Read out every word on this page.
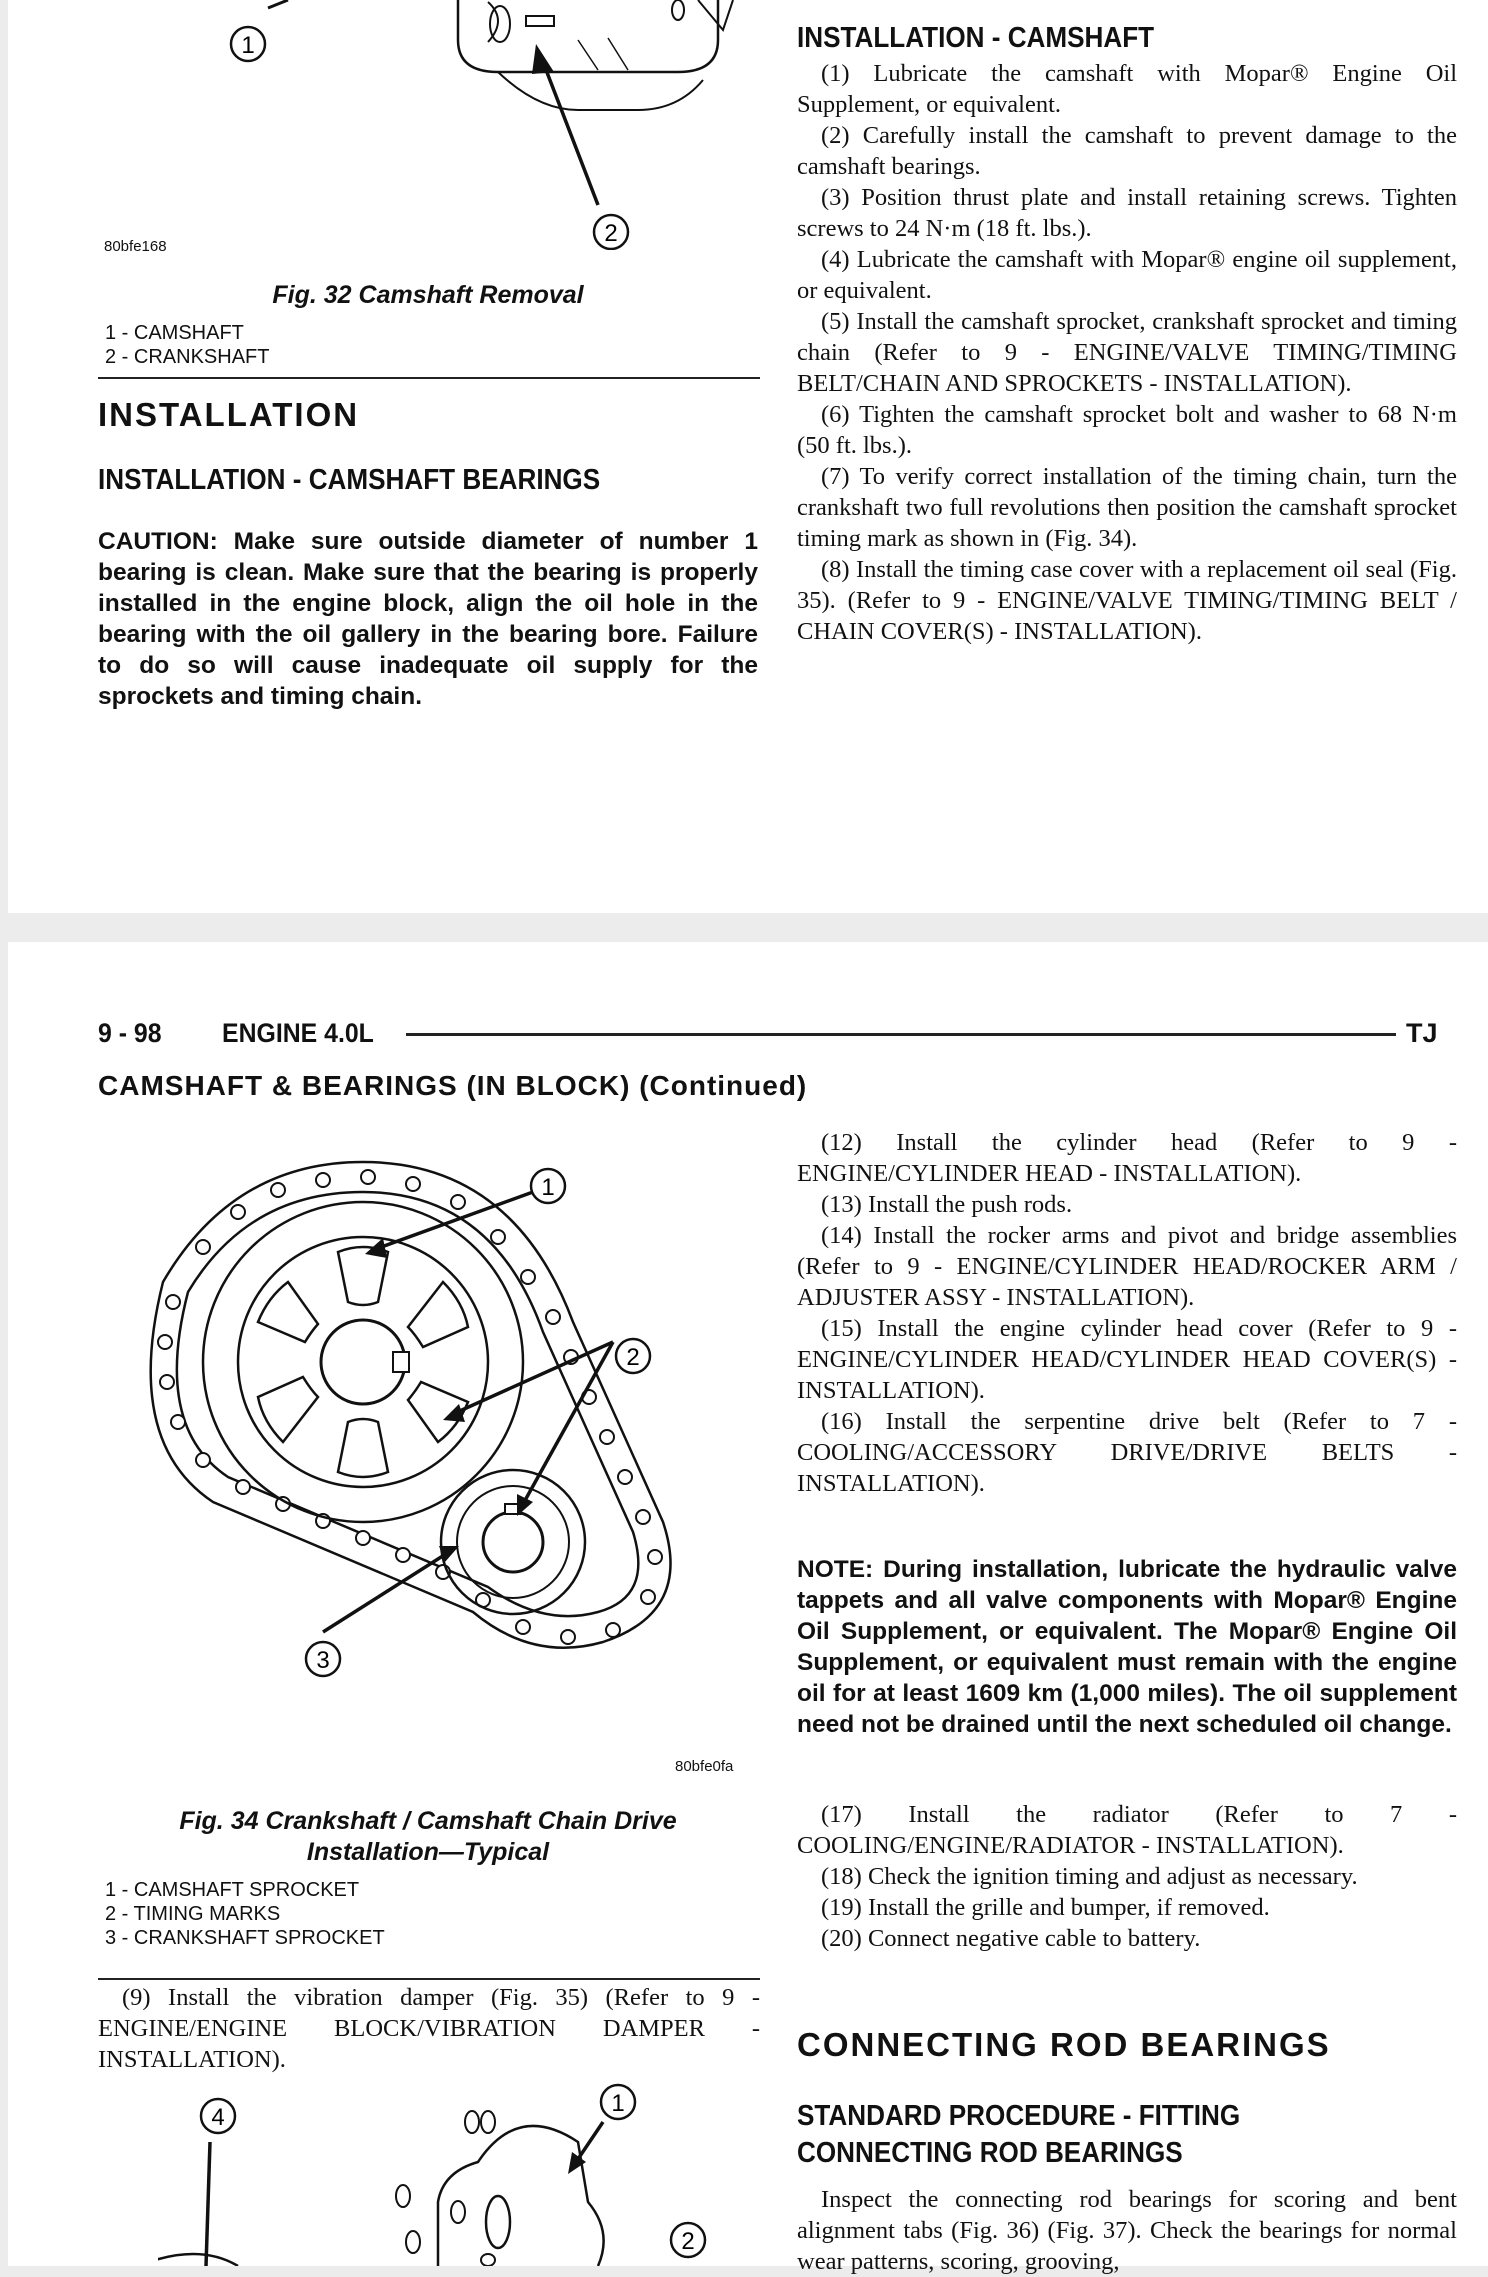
1
2
80bfe168
Fig. 32 Camshaft Removal
1 - CAMSHAFT
2 - CRANKSHAFT
INSTALLATION
INSTALLATION - CAMSHAFT BEARINGS
CAUTION: Make sure outside diameter of number 1 bearing is clean. Make sure that the bearing is properly installed in the engine block, align the oil hole in the bearing with the oil gallery in the bearing bore. Failure to do so will cause inadequate oil supply for the sprockets and timing chain.
INSTALLATION - CAMSHAFT

(1) Lubricate the camshaft with Mopar® Engine Oil Supplement, or equivalent.

(2) Carefully install the camshaft to prevent damage to the camshaft bearings.

(3) Position thrust plate and install retaining screws. Tighten screws to 24 N·m (18 ft. lbs.).

(4) Lubricate the camshaft with Mopar® engine oil supplement, or equivalent.

(5) Install the camshaft sprocket, crankshaft sprocket and timing chain (Refer to 9 - ENGINE/VALVE TIMING/TIMING BELT/CHAIN AND SPROCKETS - INSTALLATION).

(6) Tighten the camshaft sprocket bolt and washer to 68 N·m (50 ft. lbs.).

(7) To verify correct installation of the timing chain, turn the crankshaft two full revolutions then position the camshaft sprocket timing mark as shown in (Fig. 34).

(8) Install the timing case cover with a replacement oil seal (Fig. 35). (Refer to 9 - ENGINE/VALVE TIMING/TIMING BELT / CHAIN COVER(S) - INSTALLATION).

9 - 98 ENGINE 4.0L	TJ
CAMSHAFT & BEARINGS (IN BLOCK) (Continued)
1
2
3
80bfe0fa
Fig. 34 Crankshaft / Camshaft Chain Drive
Installation—Typical
1 - CAMSHAFT SPROCKET
2 - TIMING MARKS
3 - CRANKSHAFT SPROCKET
(9) Install the vibration damper (Fig. 35) (Refer to 9 - ENGINE/ENGINE BLOCK/VIBRATION DAMPER - INSTALLATION).
4
1
2

(12) Install the cylinder head (Refer to 9 - ENGINE/CYLINDER HEAD - INSTALLATION).

(13) Install the push rods.

(14) Install the rocker arms and pivot and bridge assemblies (Refer to 9 - ENGINE/CYLINDER HEAD/ROCKER ARM / ADJUSTER ASSY - INSTALLATION).

(15) Install the engine cylinder head cover (Refer to 9 - ENGINE/CYLINDER HEAD/CYLINDER HEAD COVER(S) - INSTALLATION).

(16) Install the serpentine drive belt (Refer to 7 - COOLING/ACCESSORY DRIVE/DRIVE BELTS - INSTALLATION).

NOTE: During installation, lubricate the hydraulic valve tappets and all valve components with Mopar® Engine Oil Supplement, or equivalent. The Mopar® Engine Oil Supplement, or equivalent must remain with the engine oil for at least 1609 km (1,000 miles). The oil supplement need not be drained until the next scheduled oil change.

(17) Install the radiator (Refer to 7 - COOLING/ENGINE/RADIATOR - INSTALLATION).

(18) Check the ignition timing and adjust as necessary.

(19) Install the grille and bumper, if removed.

(20) Connect negative cable to battery.

CONNECTING ROD BEARINGS
STANDARD PROCEDURE - FITTING
CONNECTING ROD BEARINGS
Inspect the connecting rod bearings for scoring and bent alignment tabs (Fig. 36) (Fig. 37). Check the bearings for normal wear patterns, scoring, grooving,
